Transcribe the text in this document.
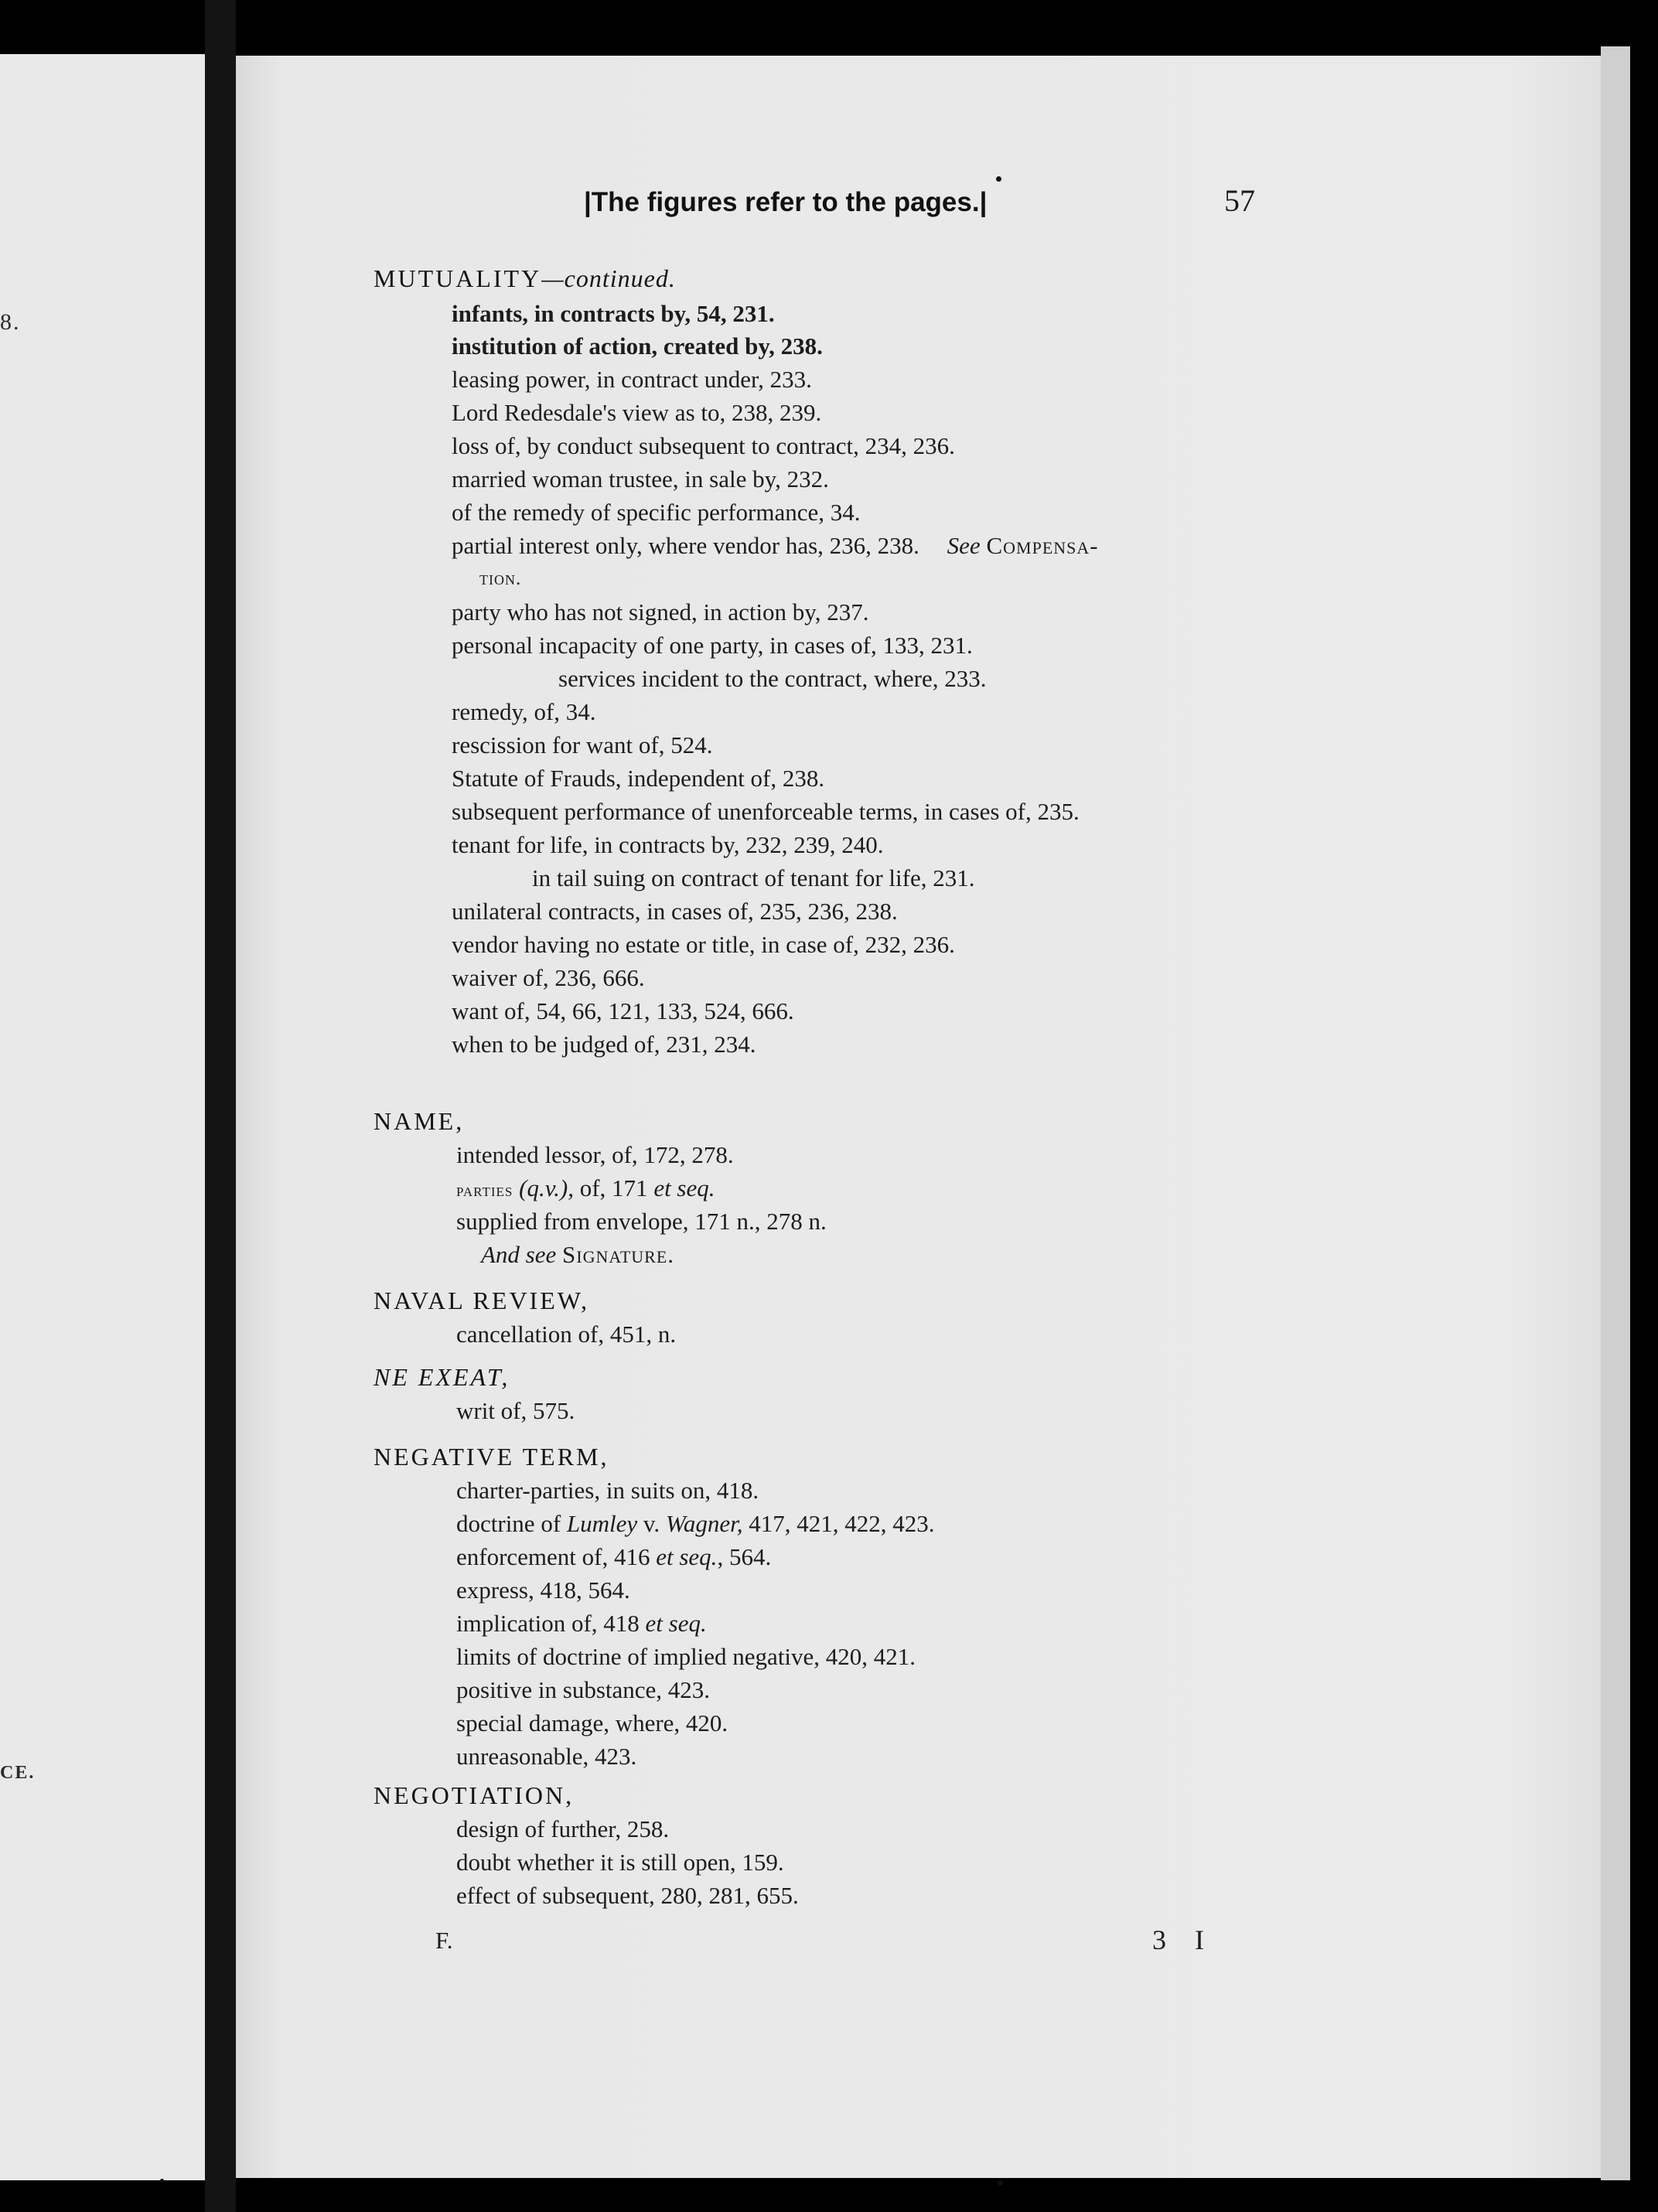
8.
CE.
|The figures refer to the pages.|	57
MUTUALITY—continued.
infants, in contracts by, 54, 231.
institution of action, created by, 238.
leasing power, in contract under, 233.
Lord Redesdale's view as to, 238, 239.
loss of, by conduct subsequent to contract, 234, 236.
married woman trustee, in sale by, 232.
of the remedy of specific performance, 34.
partial interest only, where vendor has, 236, 238. See Compensa-
tion.
party who has not signed, in action by, 237.
personal incapacity of one party, in cases of, 133, 231.
services incident to the contract, where, 233.
remedy, of, 34.
rescission for want of, 524.
Statute of Frauds, independent of, 238.
subsequent performance of unenforceable terms, in cases of, 235.
tenant for life, in contracts by, 232, 239, 240.
in tail suing on contract of tenant for life, 231.
unilateral contracts, in cases of, 235, 236, 238.
vendor having no estate or title, in case of, 232, 236.
waiver of, 236, 666.
want of, 54, 66, 121, 133, 524, 666.
when to be judged of, 231, 234.
NAME,
intended lessor, of, 172, 278.
parties (q.v.), of, 171 et seq.
supplied from envelope, 171 n., 278 n.
And see Signature.
NAVAL REVIEW,
cancellation of, 451, n.
NE EXEAT,
writ of, 575.
NEGATIVE TERM,
charter-parties, in suits on, 418.
doctrine of Lumley v. Wagner, 417, 421, 422, 423.
enforcement of, 416 et seq., 564.
express, 418, 564.
implication of, 418 et seq.
limits of doctrine of implied negative, 420, 421.
positive in substance, 423.
special damage, where, 420.
unreasonable, 423.
NEGOTIATION,
design of further, 258.
doubt whether it is still open, 159.
effect of subsequent, 280, 281, 655.
F.	3 I
